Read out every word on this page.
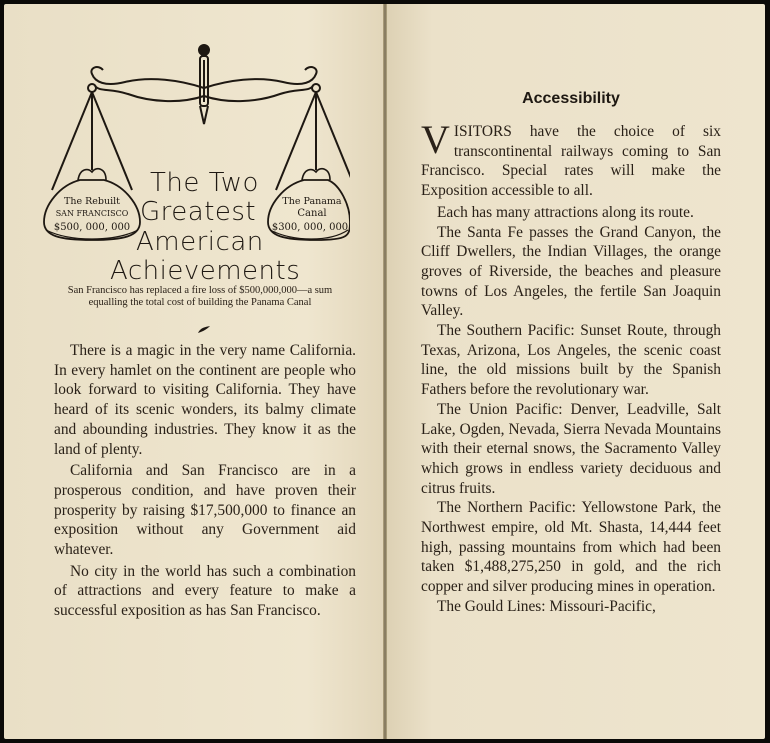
The Rebuilt
SAN FRANCISCO
$500, 000, 000
The Panama
Canal
$300, 000, 000
The Two
Greatest
American
Achievements
San Francisco has replaced a fire loss of $500,000,000—a sum equalling the total cost of building the Panama Canal

There is a magic in the very name California. In every hamlet on the continent are people who look forward to visiting California. They have heard of its scenic wonders, its balmy climate and abounding industries. They know it as the land of plenty.

California and San Francisco are in a prosperous condition, and have proven their prosperity by raising $17,500,000 to finance an exposition without any Government aid whatever.

No city in the world has such a combination of attractions and every feature to make a successful exposition as has San Francisco.

Accessibility

VISITORS have the choice of six transcontinental railways coming to San Francisco. Special rates will make the Exposition accessible to all.

Each has many attractions along its route.

The Santa Fe passes the Grand Canyon, the Cliff Dwellers, the Indian Villages, the orange groves of Riverside, the beaches and pleasure towns of Los Angeles, the fertile San Joaquin Valley.

The Southern Pacific: Sunset Route, through Texas, Arizona, Los Angeles, the scenic coast line, the old missions built by the Spanish Fathers before the revolutionary war.

The Union Pacific: Denver, Leadville, Salt Lake, Ogden, Nevada, Sierra Nevada Mountains with their eternal snows, the Sacramento Valley which grows in endless variety deciduous and citrus fruits.

The Northern Pacific: Yellowstone Park, the Northwest empire, old Mt. Shasta, 14,444 feet high, passing mountains from which had been taken $1,488,275,250 in gold, and the rich copper and silver producing mines in operation.

The Gould Lines: Missouri-Pacific,
